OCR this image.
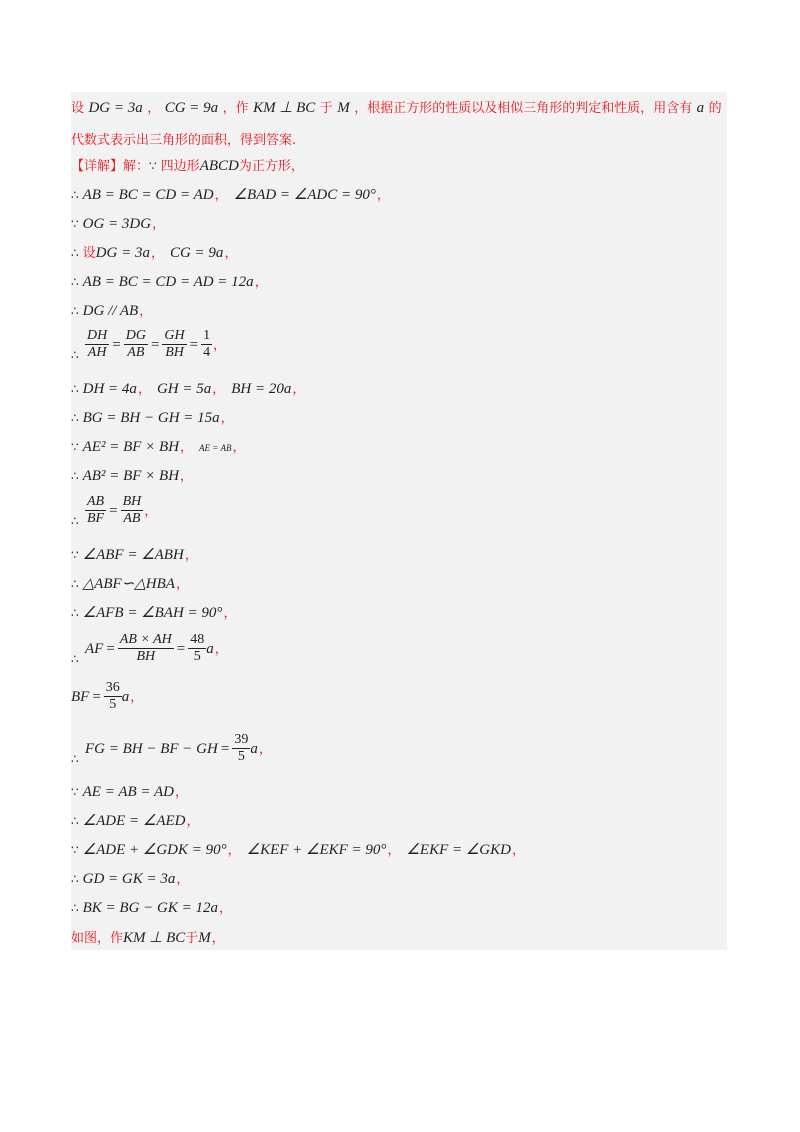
设 DG = 3a ， CG = 9a ，作 KM ⊥ BC 于 M ，根据正方形的性质以及相似三角形的判定和性质，用含有 a 的
代数式表示出三角形的面积，得到答案.
【详解】解：∵ 四边形ABCD为正方形，
∴ AB = BC = CD = AD， ∠BAD = ∠ADC = 90°，
∵ OG = 3DG，
∴ 设DG = 3a， CG = 9a，
∴ AB = BC = CD = AD = 12a，
∴ DG // AB，
∴ $\frac{DH}{AH} = \frac{DG}{AB} = \frac{GH}{BH} = \frac{1}{4}$ ，
∴ DH = 4a， GH = 5a， BH = 20a，
∴ BG = BH − GH = 15a，
∵ AE² = BF × BH， AE = AB，
∴ AB² = BF × BH，
∴ $\frac{AB}{BF} = \frac{BH}{AB}$ ，
∵ ∠ABF = ∠ABH，
∴ △ABF∽△HBA，
∴ ∠AFB = ∠BAH = 90°，
∴
AF = $\frac{AB \times AH}{BH} = \frac{48}{5}$ a，
BF = $\frac{36}{5}$ a，
∴
FG = BH − BF − GH = $\frac{39}{5}$ a，
∵ AE = AB = AD，
∴ ∠ADE = ∠AED，
∵ ∠ADE + ∠GDK = 90°， ∠KEF + ∠EKF = 90°， ∠EKF = ∠GKD，
∴ GD = GK = 3a，
∴ BK = BG − GK = 12a，
如图，作KM ⊥ BC于M，
